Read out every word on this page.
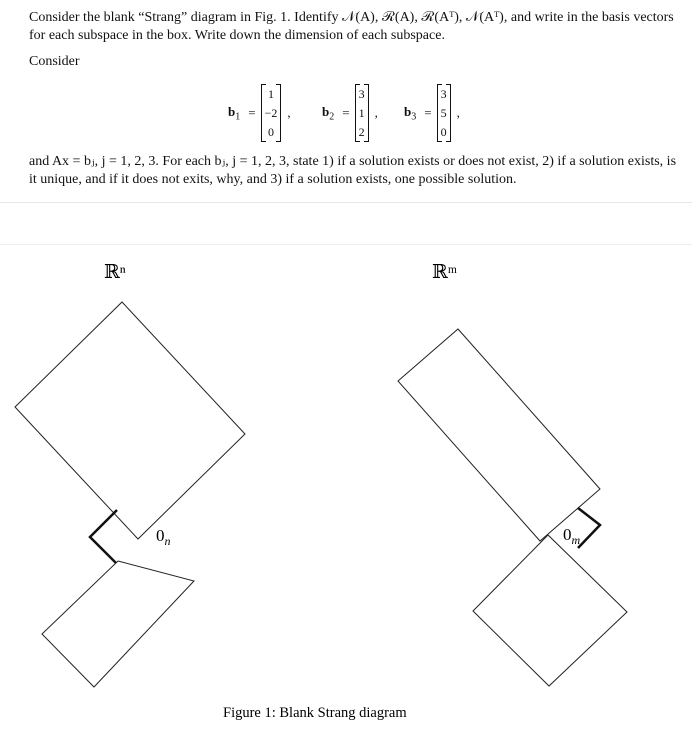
Consider the blank “Strang” diagram in Fig. 1. Identify 𝒩(A), ℛ(A), ℛ(Aᵀ), 𝒩(Aᵀ), and write in the basis vectors for each subspace in the box. Write down the dimension of each subspace.
Consider
$b_1$ =
1
−2
0
, $b_2$ =
3
1
2
, $b_3$ =
3
5
0
,
and Ax = bⱼ, j = 1, 2, 3. For each bⱼ, j = 1, 2, 3, state 1) if a solution exists or does not exist, 2) if a solution exists, is it unique, and if it does not exits, why, and 3) if a solution exists, one possible solution.
ℝⁿ	ℝᵐ
$0_n$	$0_m$
Figure 1: Blank Strang diagram
